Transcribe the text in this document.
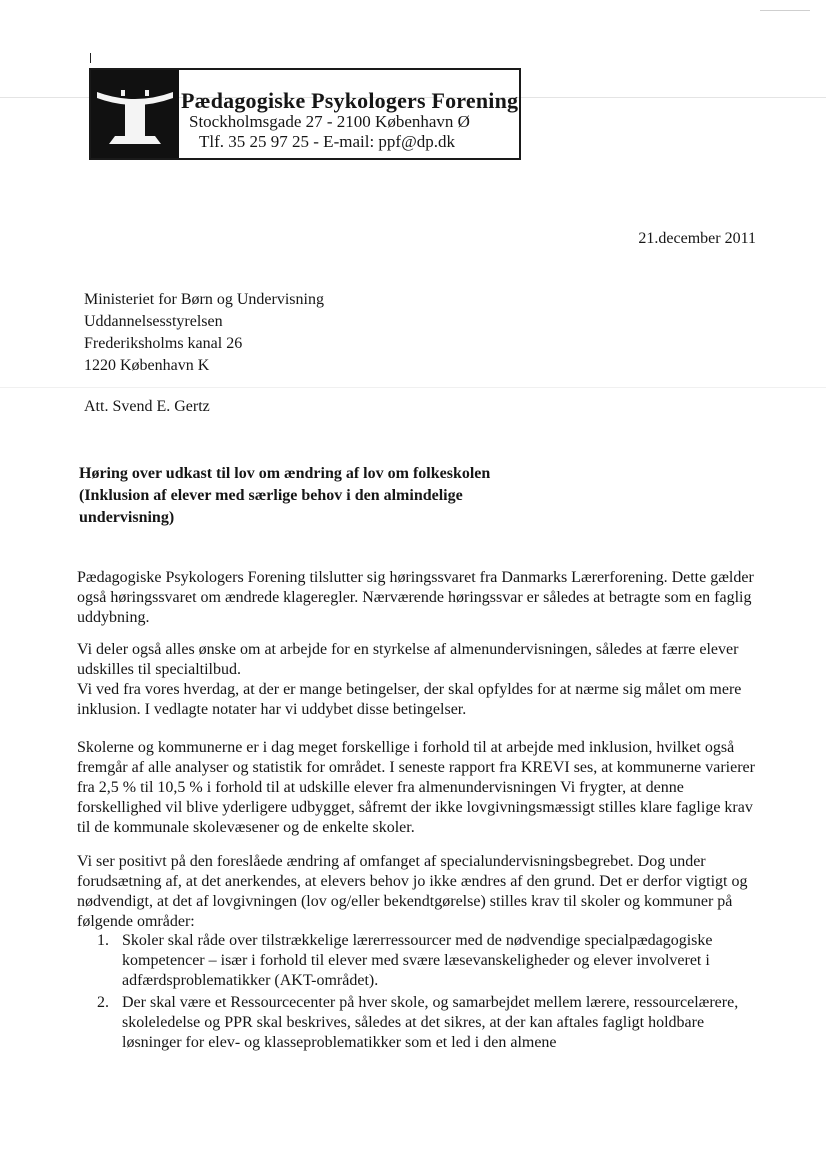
Pædagogiske Psykologers Forening
Stockholmsgade 27 - 2100 København Ø
Tlf. 35 25 97 25 - E-mail: ppf@dp.dk
21.december 2011
Ministeriet for Børn og Undervisning
Uddannelsesstyrelsen
Frederiksholms kanal 26
1220 København K
Att. Svend E. Gertz
Høring over udkast til lov om ændring af lov om folkeskolen
(Inklusion af elever med særlige behov i den almindelige undervisning)
Pædagogiske Psykologers Forening tilslutter sig høringssvaret fra Danmarks Lærerforening. Dette gælder også høringssvaret om ændrede klageregler. Nærværende høringssvar er således at betragte som en faglig uddybning.
Vi deler også alles ønske om at arbejde for en styrkelse af almenundervisningen, således at færre elever udskilles til specialtilbud.
Vi ved fra vores hverdag, at der er mange betingelser, der skal opfyldes for at nærme sig målet om mere inklusion. I vedlagte notater har vi uddybet disse betingelser.
Skolerne og kommunerne er i dag meget forskellige i forhold til at arbejde med inklusion, hvilket også fremgår af alle analyser og statistik for området. I seneste rapport fra KREVI ses, at kommunerne varierer fra 2,5 % til 10,5 % i forhold til at udskille elever fra almenundervisningen Vi frygter, at denne forskellighed vil blive yderligere udbygget, såfremt der ikke lovgivningsmæssigt stilles klare faglige krav til de kommunale skolevæsener og de enkelte skoler.
Vi ser positivt på den foreslåede ændring af omfanget af specialundervisningsbegrebet. Dog under forudsætning af, at det anerkendes, at elevers behov jo ikke ændres af den grund. Det er derfor vigtigt og nødvendigt, at det af lovgivningen (lov og/eller bekendtgørelse) stilles krav til skoler og kommuner på følgende områder:
1. Skoler skal råde over tilstrækkelige lærerressourcer med de nødvendige specialpædagogiske kompetencer – især i forhold til elever med svære læsevanskeligheder og elever involveret i adfærdsproblematikker (AKT-området).
2. Der skal være et Ressourcecenter på hver skole, og samarbejdet mellem lærere, ressourcelærere, skoleledelse og PPR skal beskrives, således at det sikres, at der kan aftales fagligt holdbare løsninger for elev- og klasseproblematikker som et led i den almene
